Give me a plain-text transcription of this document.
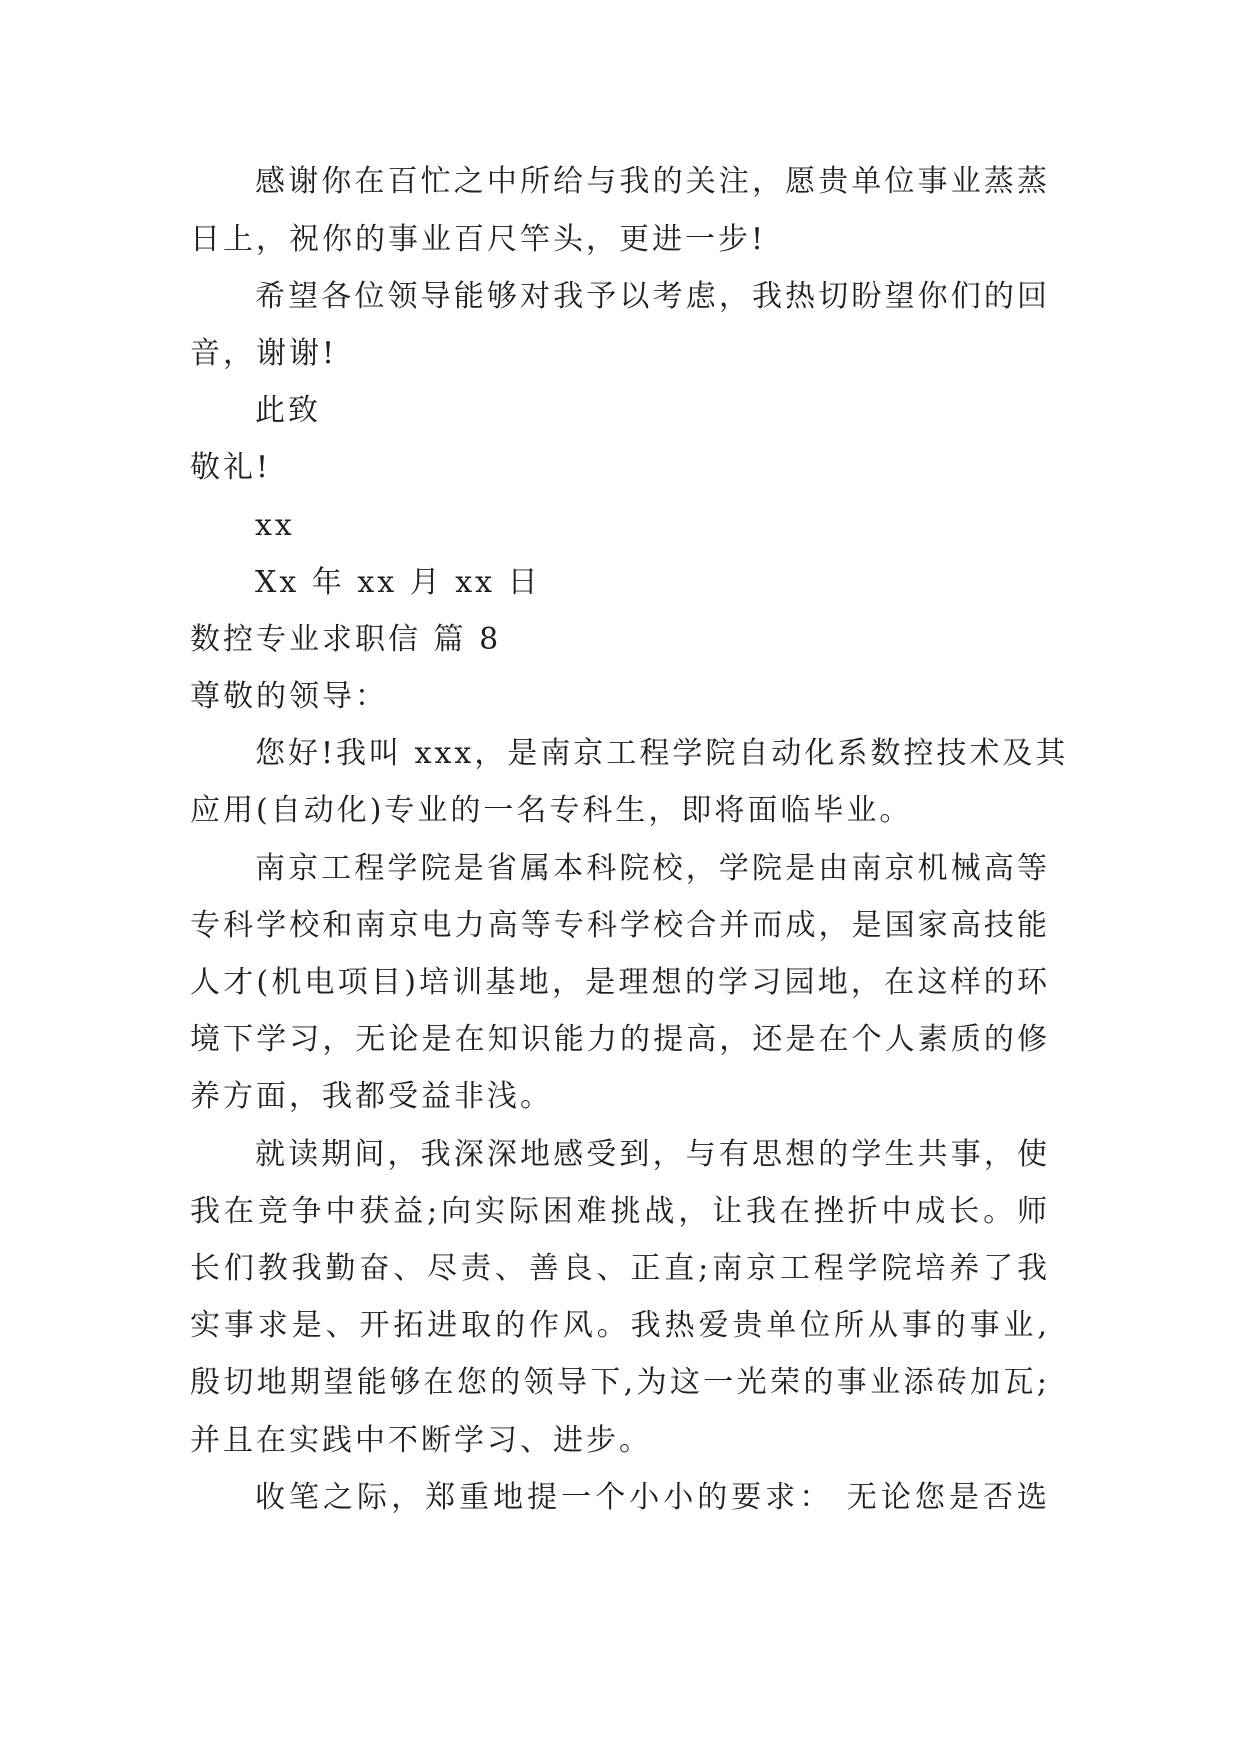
感谢你在百忙之中所给与我的关注，愿贵单位事业蒸蒸
日上，祝你的事业百尺竿头，更进一步!
希望各位领导能够对我予以考虑，我热切盼望你们的回
音，谢谢!
此致
敬礼!
xx
Xx 年 xx 月 xx 日
数控专业求职信 篇 8
尊敬的领导：
您好!我叫 xxx，是南京工程学院自动化系数控技术及其
应用(自动化)专业的一名专科生，即将面临毕业。
南京工程学院是省属本科院校，学院是由南京机械高等
专科学校和南京电力高等专科学校合并而成，是国家高技能
人才(机电项目)培训基地，是理想的学习园地，在这样的环
境下学习，无论是在知识能力的提高，还是在个人素质的修
养方面，我都受益非浅。
就读期间，我深深地感受到，与有思想的学生共事，使
我在竞争中获益;向实际困难挑战，让我在挫折中成长。师
长们教我勤奋、尽责、善良、正直;南京工程学院培养了我
实事求是、开拓进取的作风。我热爱贵单位所从事的事业,
殷切地期望能够在您的领导下,为这一光荣的事业添砖加瓦;
并且在实践中不断学习、进步。
收笔之际，郑重地提一个小小的要求： 无论您是否选
